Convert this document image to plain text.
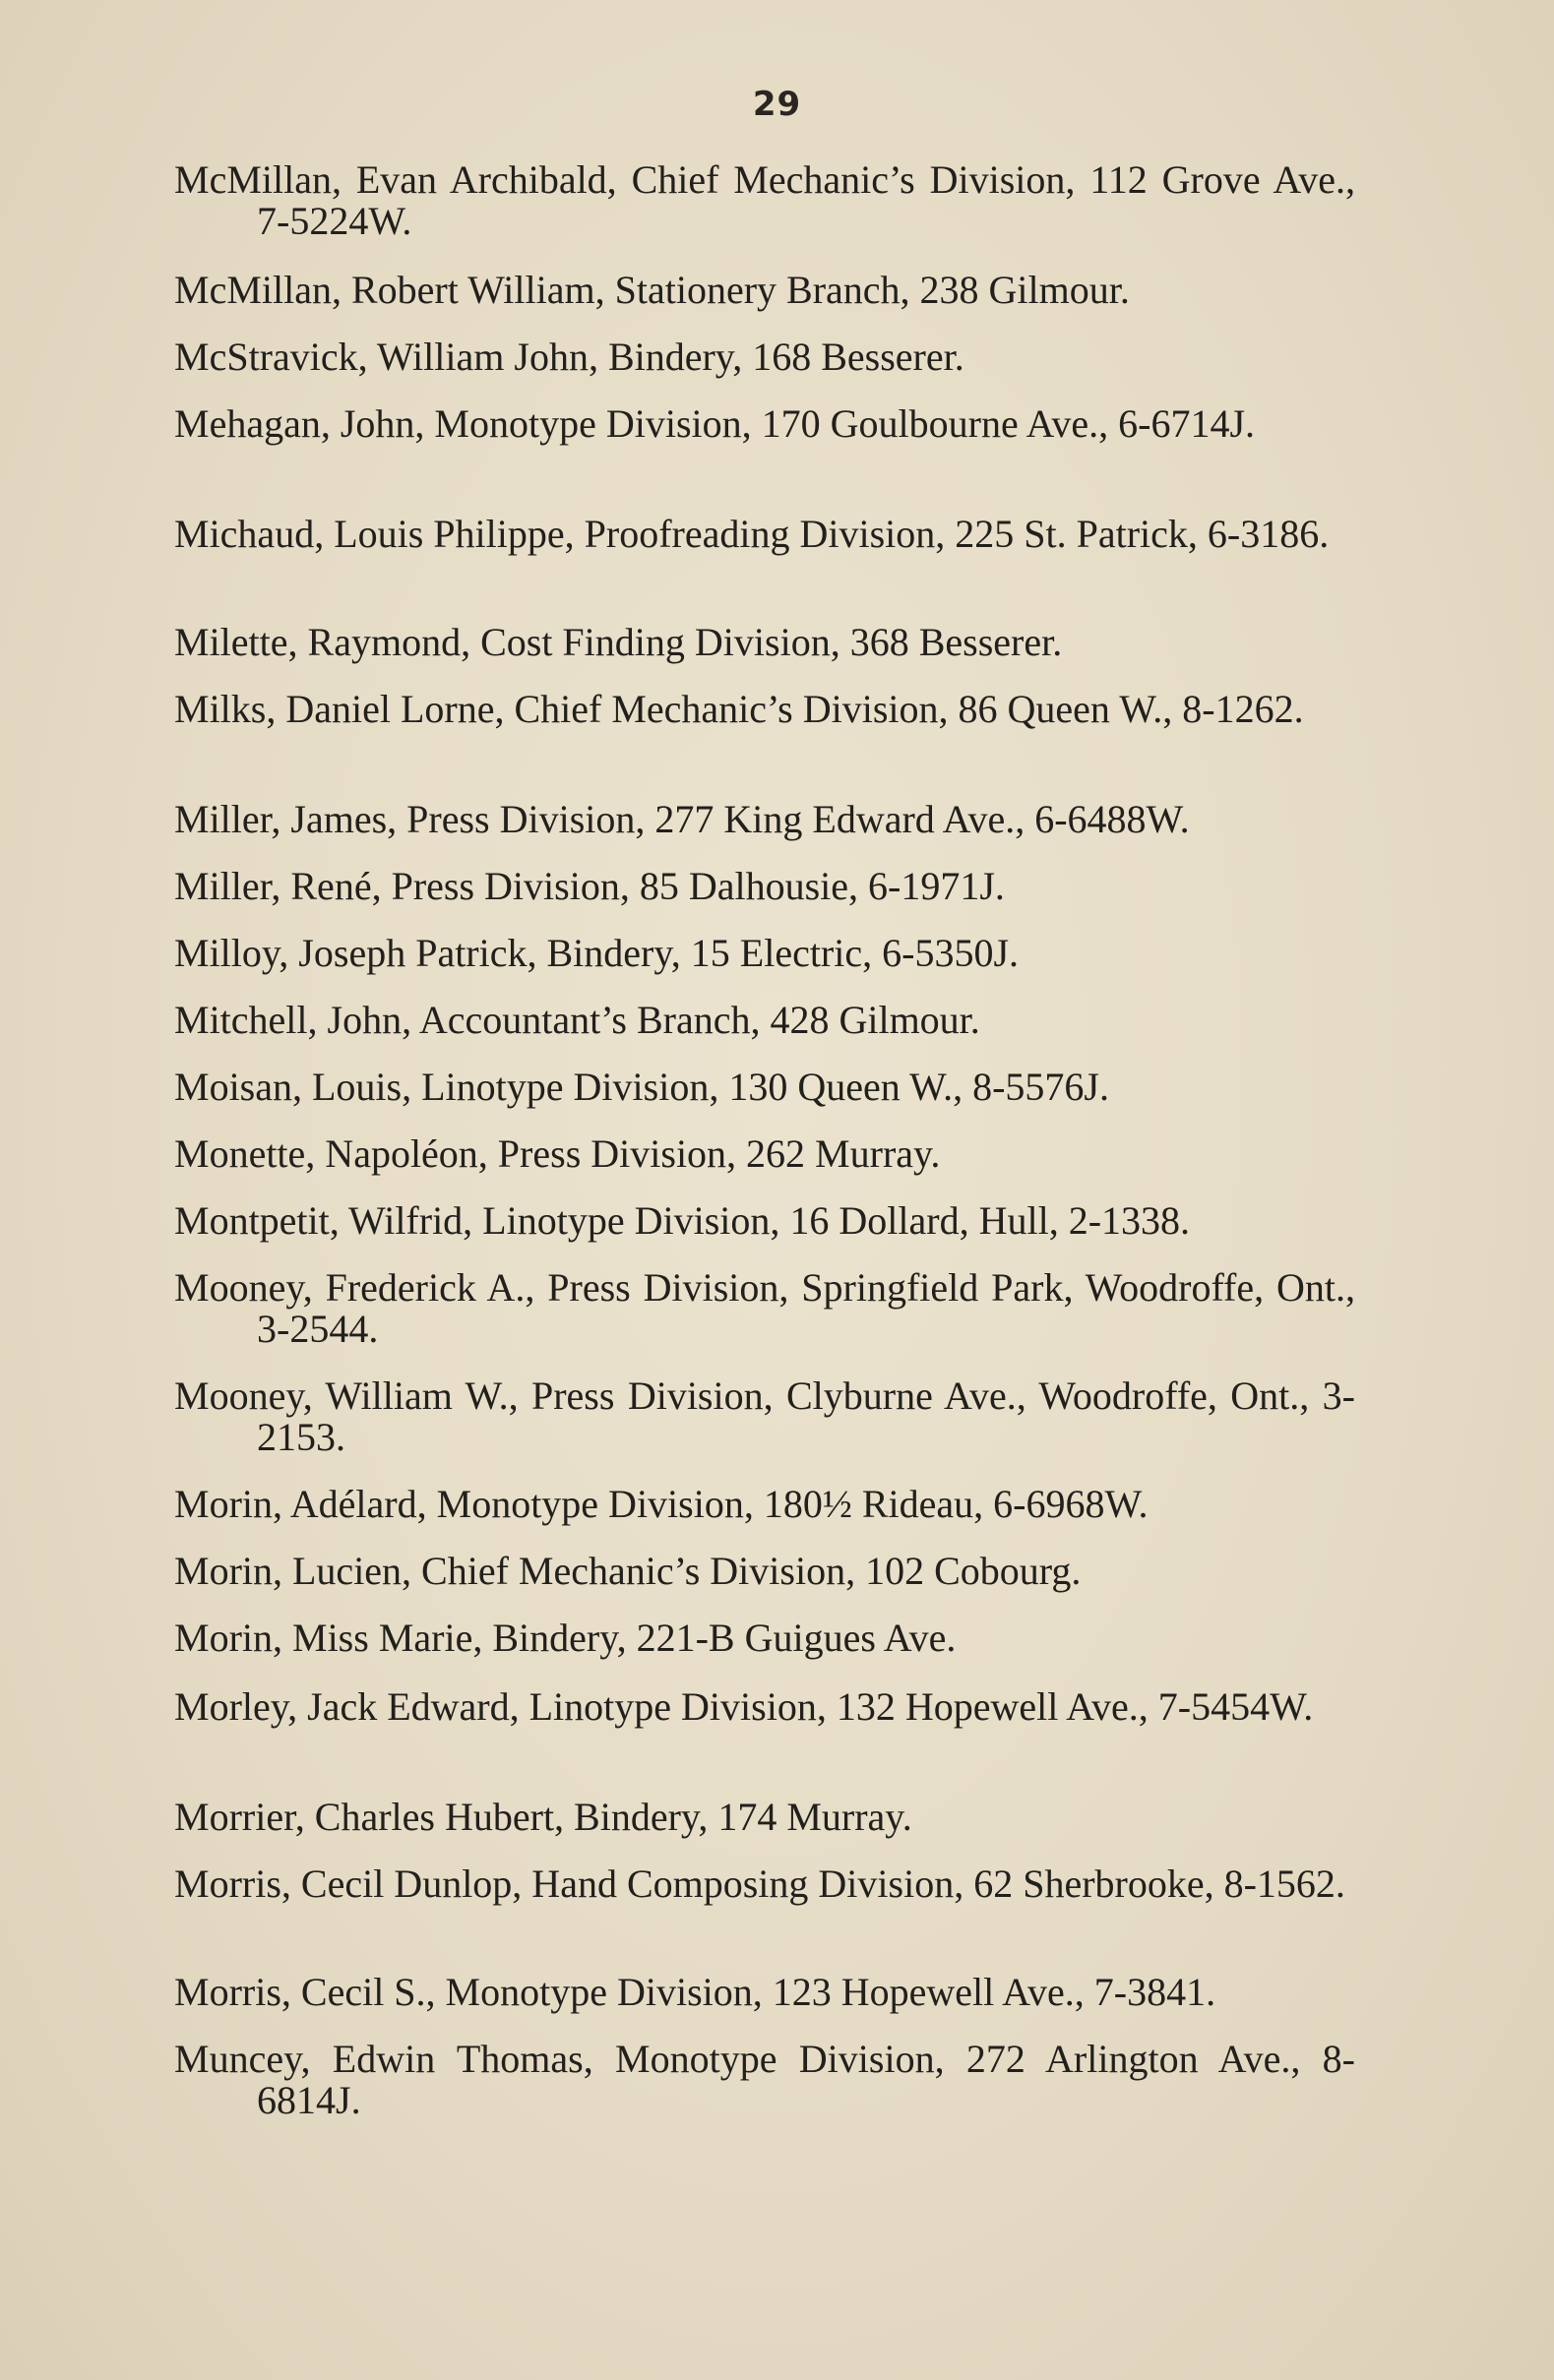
29
McMillan, Evan Archibald, Chief Mechanic’s Division, 112 Grove Ave., 7-5224W.
McMillan, Robert William, Stationery Branch, 238 Gilmour.
McStravick, William John, Bindery, 168 Besserer.
Mehagan, John, Monotype Division, 170 Goulbourne Ave., 6-6714J.
Michaud, Louis Philippe, Proofreading Division, 225 St. Patrick, 6-3186.
Milette, Raymond, Cost Finding Division, 368 Besserer.
Milks, Daniel Lorne, Chief Mechanic’s Division, 86 Queen W., 8-1262.
Miller, James, Press Division, 277 King Edward Ave., 6-6488W.
Miller, René, Press Division, 85 Dalhousie, 6-1971J.
Milloy, Joseph Patrick, Bindery, 15 Electric, 6-5350J.
Mitchell, John, Accountant’s Branch, 428 Gilmour.
Moisan, Louis, Linotype Division, 130 Queen W., 8-5576J.
Monette, Napoléon, Press Division, 262 Murray.
Montpetit, Wilfrid, Linotype Division, 16 Dollard, Hull, 2-1338.
Mooney, Frederick A., Press Division, Springfield Park, Woodroffe, Ont., 3-2544.
Mooney, William W., Press Division, Clyburne Ave., Woodroffe, Ont., 3-2153.
Morin, Adélard, Monotype Division, 180½ Rideau, 6-6968W.
Morin, Lucien, Chief Mechanic’s Division, 102 Cobourg.
Morin, Miss Marie, Bindery, 221-B Guigues Ave.
Morley, Jack Edward, Linotype Division, 132 Hopewell Ave., 7-5454W.
Morrier, Charles Hubert, Bindery, 174 Murray.
Morris, Cecil Dunlop, Hand Composing Division, 62 Sherbrooke, 8-1562.
Morris, Cecil S., Monotype Division, 123 Hopewell Ave., 7-3841.
Muncey, Edwin Thomas, Monotype Division, 272 Arlington Ave., 8-6814J.
